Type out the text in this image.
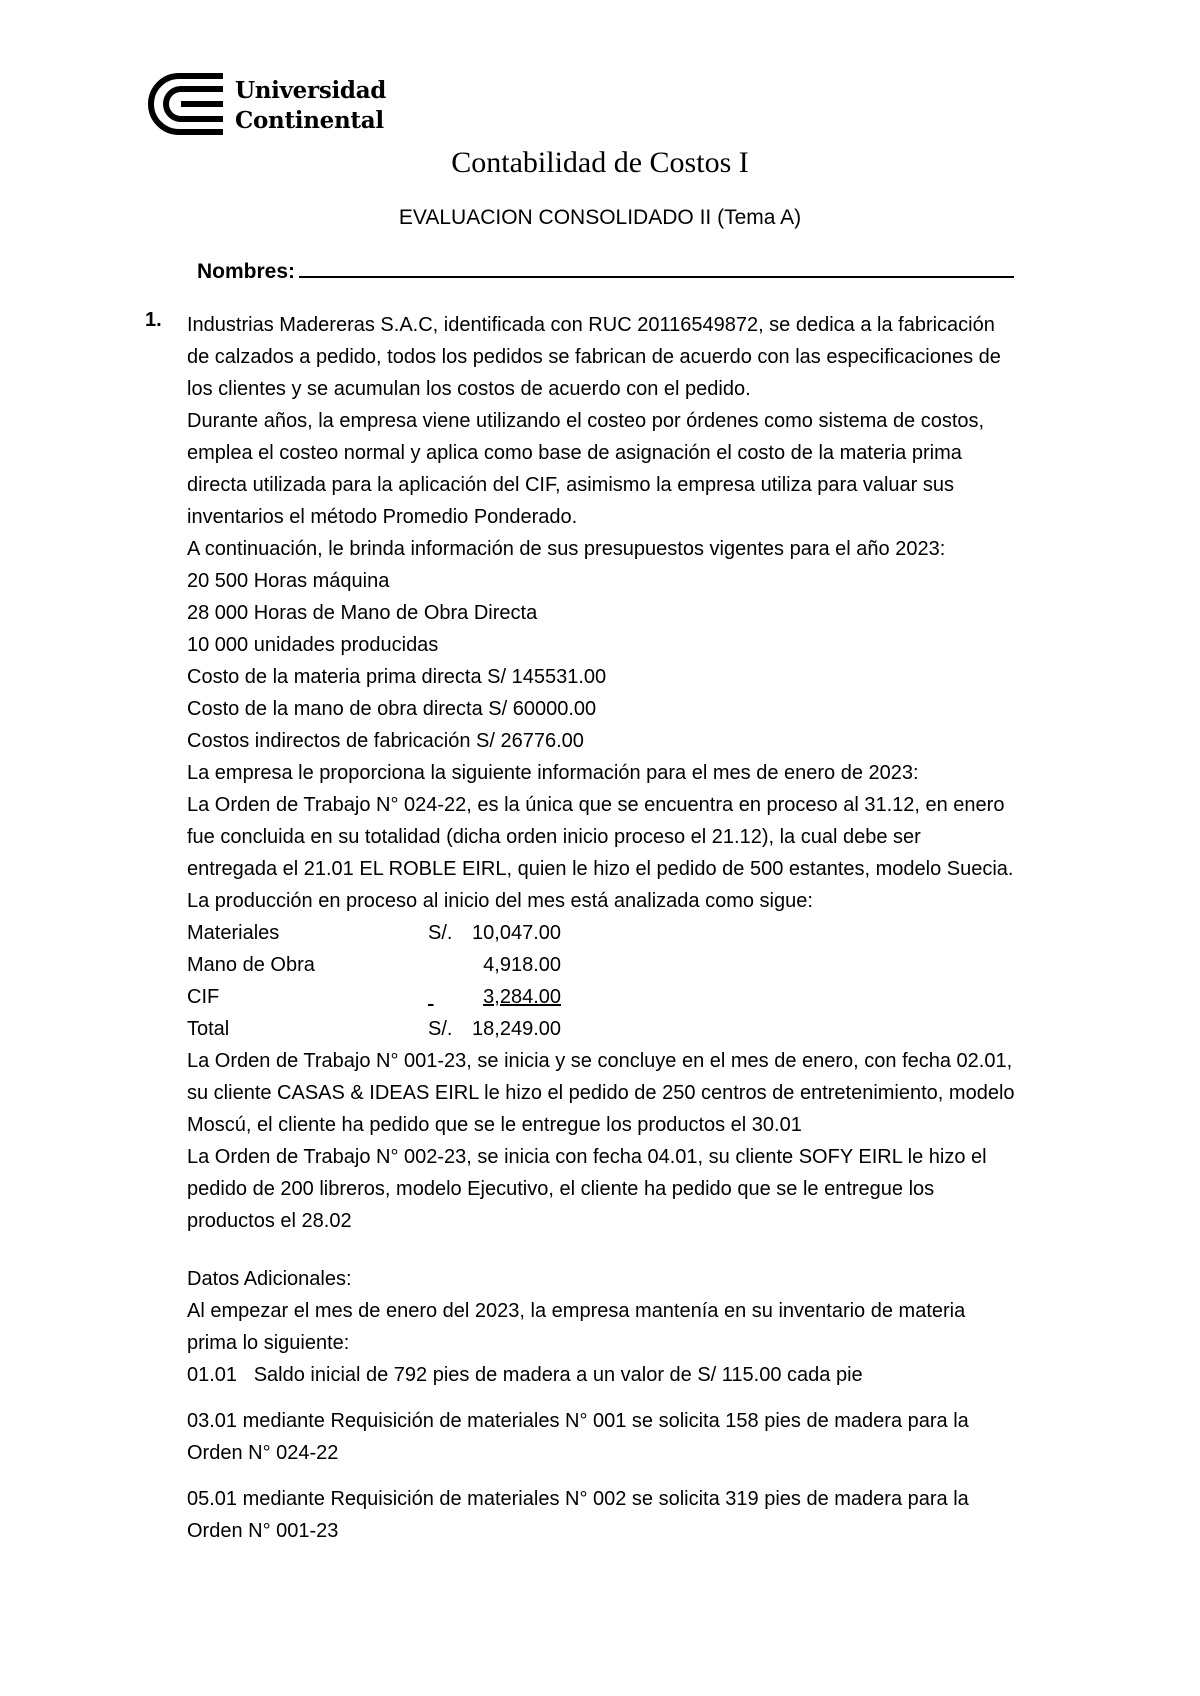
Universidad
Continental
Contabilidad de Costos I
EVALUACION CONSOLIDADO II (Tema A)
Nombres:
1. Industrias Madereras S.A.C, identificada con RUC 20116549872, se dedica a la fabricación

de calzados a pedido, todos los pedidos se fabrican de acuerdo con las especificaciones de

los clientes y se acumulan los costos de acuerdo con el pedido.

Durante años, la empresa viene utilizando el costeo por órdenes como sistema de costos,

emplea el costeo normal y aplica como base de asignación el costo de la materia prima

directa utilizada para la aplicación del CIF, asimismo la empresa utiliza para valuar sus

inventarios el método Promedio Ponderado.

A continuación, le brinda información de sus presupuestos vigentes para el año 2023:

20 500 Horas máquina

28 000 Horas de Mano de Obra Directa

10 000 unidades producidas

Costo de la materia prima directa S/ 145531.00

Costo de la mano de obra directa S/ 60000.00

Costos indirectos de fabricación S/ 26776.00

La empresa le proporciona la siguiente información para el mes de enero de 2023:

La Orden de Trabajo N° 024-22, es la única que se encuentra en proceso al 31.12, en enero

fue concluida en su totalidad (dicha orden inicio proceso el 21.12), la cual debe ser

entregada el 21.01 EL ROBLE EIRL, quien le hizo el pedido de 500 estantes, modelo Suecia.

La producción en proceso al inicio del mes está analizada como sigue:

Materiales	S/. 10,047.00
Mano de Obra	4,918.00
CIF	3,284.00
Total	S/. 18,249.00

La Orden de Trabajo N° 001-23, se inicia y se concluye en el mes de enero, con fecha 02.01,

su cliente CASAS & IDEAS EIRL le hizo el pedido de 250 centros de entretenimiento, modelo

Moscú, el cliente ha pedido que se le entregue los productos el 30.01

La Orden de Trabajo N° 002-23, se inicia con fecha 04.01, su cliente SOFY EIRL le hizo el

pedido de 200 libreros, modelo Ejecutivo, el cliente ha pedido que se le entregue los

productos el 28.02

Datos Adicionales:

Al empezar el mes de enero del 2023, la empresa mantenía en su inventario de materia

prima lo siguiente:

01.01   Saldo inicial de 792 pies de madera a un valor de S/ 115.00 cada pie

03.01 mediante Requisición de materiales N° 001 se solicita 158 pies de madera para la

Orden N° 024-22

05.01 mediante Requisición de materiales N° 002 se solicita 319 pies de madera para la

Orden N° 001-23
